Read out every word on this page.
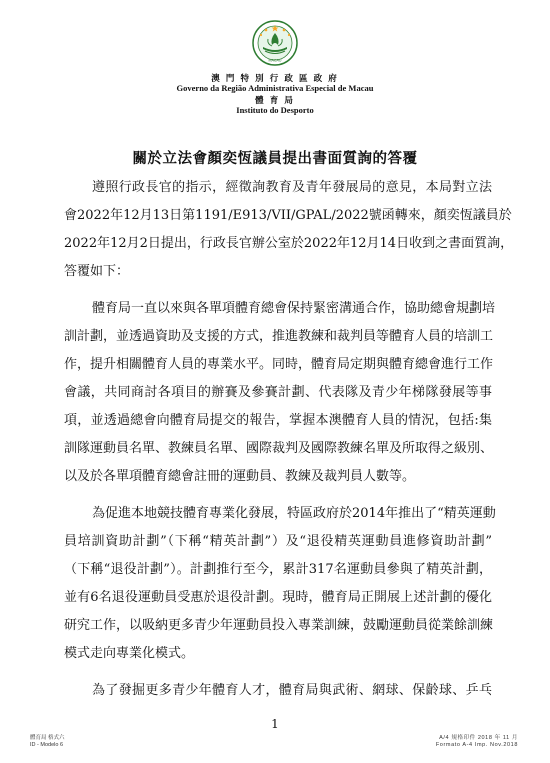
MACAU
澳 門 特 別 行 政 區 政 府
Governo da Região Administrativa Especial de Macau
體 育 局
Instituto do Desporto
關於立法會顏奕恆議員提出書面質詢的答覆
遵照行政長官的指示，經徵詢教育及青年發展局的意見，本局對立法
會2022年12月13日第1191/E913/VII/GPAL/2022號函轉來，顏奕恆議員於
2022年12月2日提出，行政長官辦公室於2022年12月14日收到之書面質詢，
答覆如下：
體育局一直以來與各單項體育總會保持緊密溝通合作，協助總會規劃培
訓計劃，並透過資助及支援的方式，推進教練和裁判員等體育人員的培訓工
作，提升相關體育人員的專業水平。同時，體育局定期與體育總會進行工作
會議，共同商討各項目的辦賽及參賽計劃、代表隊及青少年梯隊發展等事
項，並透過總會向體育局提交的報告，掌握本澳體育人員的情況，包括:集
訓隊運動員名單、教練員名單、國際裁判及國際教練名單及所取得之級別、
以及於各單項體育總會註冊的運動員、教練及裁判員人數等。
為促進本地競技體育專業化發展，特區政府於2014年推出了“精英運動
員培訓資助計劃”（下稱“精英計劃”）及“退役精英運動員進修資助計劃”
（下稱“退役計劃”）。計劃推行至今，累計317名運動員參與了精英計劃，
並有6名退役運動員受惠於退役計劃。現時，體育局正開展上述計劃的優化
研究工作，以吸納更多青少年運動員投入專業訓練，鼓勵運動員從業餘訓練
模式走向專業化模式。
為了發掘更多青少年體育人才，體育局與武術、網球、保齡球、乒乓
1
體育局 格式六
ID - Modelo 6
A/4 規格印件 2018 年 11 月
Formato A-4 Imp. Nov.2018
